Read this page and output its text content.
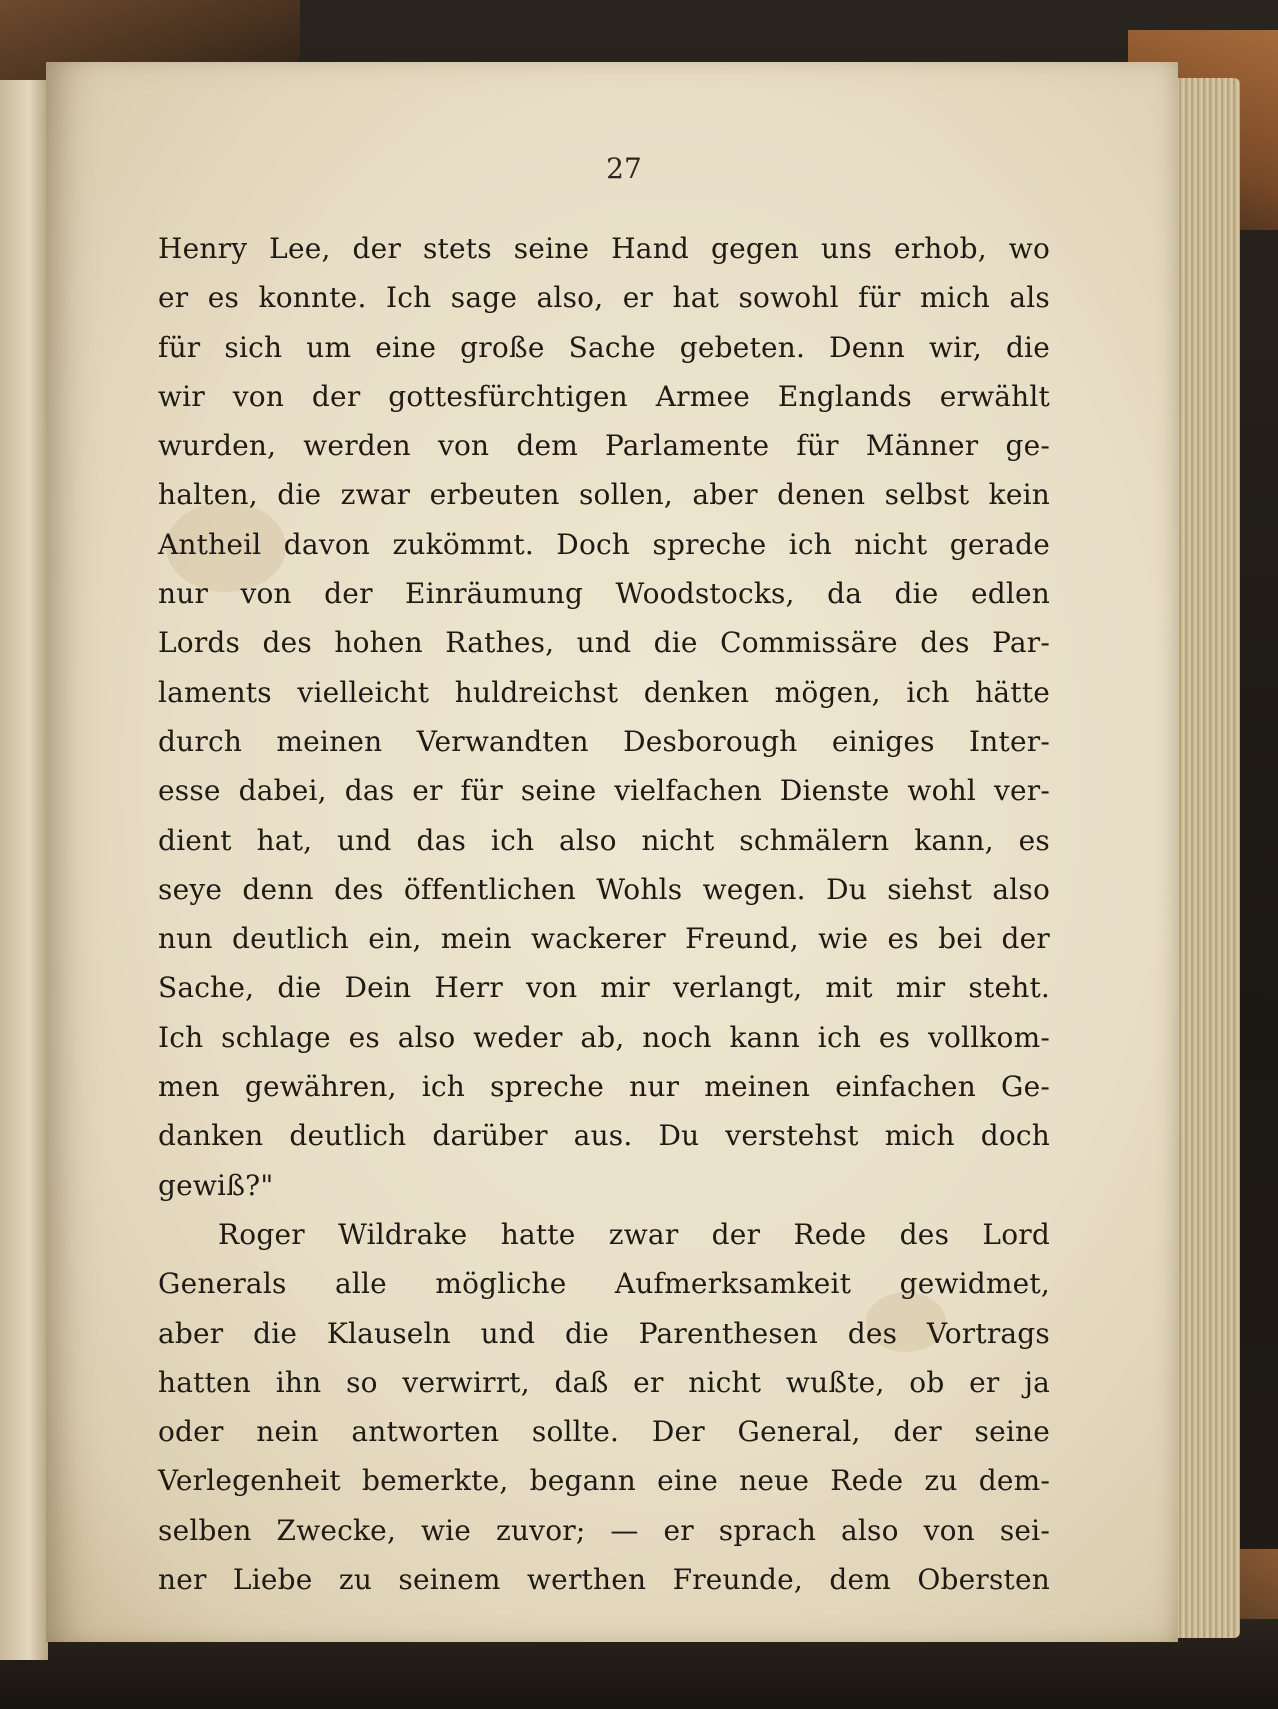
27
Henry Lee, der stets seine Hand gegen uns erhob, wo
er es konnte. Ich sage also, er hat sowohl für mich als
für sich um eine große Sache gebeten. Denn wir, die
wir von der gottesfürchtigen Armee Englands erwählt
wurden, werden von dem Parlamente für Männer ge-
halten, die zwar erbeuten sollen, aber denen selbst kein
Antheil davon zukömmt. Doch spreche ich nicht gerade
nur von der Einräumung Woodstocks, da die edlen
Lords des hohen Rathes, und die Commissäre des Par-
laments vielleicht huldreichst denken mögen, ich hätte
durch meinen Verwandten Desborough einiges Inter-
esse dabei, das er für seine vielfachen Dienste wohl ver-
dient hat, und das ich also nicht schmälern kann, es
seye denn des öffentlichen Wohls wegen. Du siehst also
nun deutlich ein, mein wackerer Freund, wie es bei der
Sache, die Dein Herr von mir verlangt, mit mir steht.
Ich schlage es also weder ab, noch kann ich es vollkom-
men gewähren, ich spreche nur meinen einfachen Ge-
danken deutlich darüber aus. Du verstehst mich doch
gewiß?"
Roger Wildrake hatte zwar der Rede des Lord
Generals alle mögliche Aufmerksamkeit gewidmet,
aber die Klauseln und die Parenthesen des Vortrags
hatten ihn so verwirrt, daß er nicht wußte, ob er ja
oder nein antworten sollte. Der General, der seine
Verlegenheit bemerkte, begann eine neue Rede zu dem-
selben Zwecke, wie zuvor; — er sprach also von sei-
ner Liebe zu seinem werthen Freunde, dem Obersten
